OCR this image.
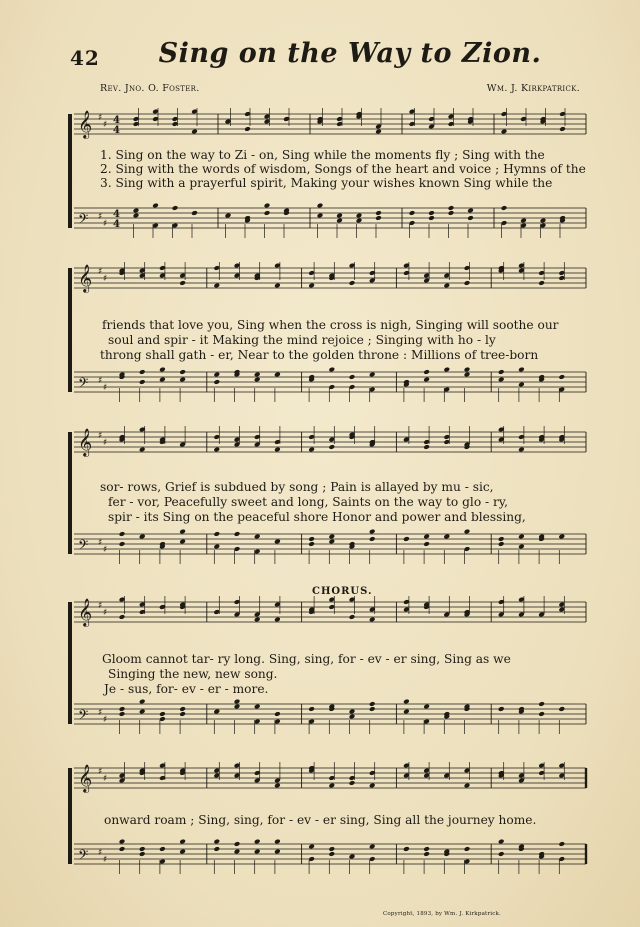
42	Sing on the Way to Zion.
Rev. Jno. O. Foster.	Wm. J. Kirkpatrick.
𝄞 ♯
♯ 4
4
𝄢 ♯
♯
4
4
1. Sing on the way to Zi - on, Sing while the moments fly ; Sing with the
2. Sing with the words of wisdom, Songs of the heart and voice ; Hymns of the
3. Sing with a prayerful spirit, Making your wishes known Sing while the
𝄞 ♯
♯
𝄢 ♯
♯
friends that love you, Sing when the cross is nigh, Singing will soothe our
soul and spir - it Making the mind rejoice ; Singing with ho - ly
throng shall gath - er, Near to the golden throne : Millions of tree-born
𝄞 ♯
♯
𝄢 ♯
♯
sor- rows, Grief is subdued by song ; Pain is allayed by mu - sic,
fer - vor, Peacefully sweet and long, Saints on the way to glo - ry,
spir - its Sing on the peaceful shore Honor and power and blessing,
CHORUS.
𝄞 ♯
♯
𝄢 ♯
♯
Gloom cannot tar- ry long. Sing, sing, for - ev - er sing, Sing as we
Singing the new, new song.
Je - sus, for- ev - er - more.
𝄞 ♯
♯
𝄢 ♯
♯
onward roam ; Sing, sing, for - ev - er sing, Sing all the journey home.
Copyright, 1893, by Wm. J. Kirkpatrick.
